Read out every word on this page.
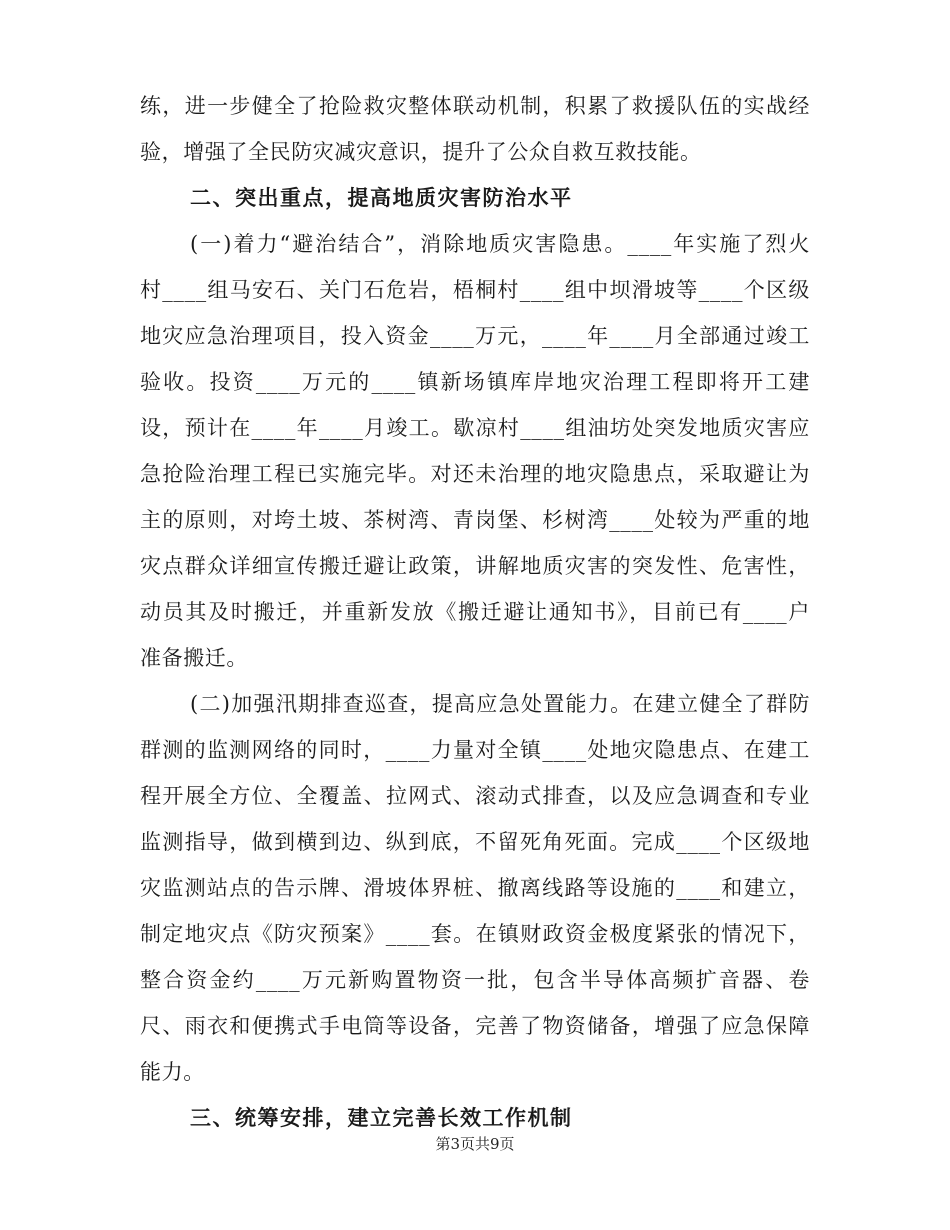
练，进一步健全了抢险救灾整体联动机制，积累了救援队伍的实战经
验，增强了全民防灾减灾意识，提升了公众自救互救技能。
二、突出重点，提高地质灾害防治水平
(一)着力“避治结合”，消除地质灾害隐患。____年实施了烈火
村____组马安石、关门石危岩，梧桐村____组中坝滑坡等____个区级
地灾应急治理项目，投入资金____万元，____年____月全部通过竣工
验收。投资____万元的____镇新场镇库岸地灾治理工程即将开工建
设，预计在____年____月竣工。歇凉村____组油坊处突发地质灾害应
急抢险治理工程已实施完毕。对还未治理的地灾隐患点，采取避让为
主的原则，对垮土坡、茶树湾、青岗堡、杉树湾____处较为严重的地
灾点群众详细宣传搬迁避让政策，讲解地质灾害的突发性、危害性，
动员其及时搬迁，并重新发放《搬迁避让通知书》，目前已有____户
准备搬迁。
(二)加强汛期排查巡查，提高应急处置能力。在建立健全了群防
群测的监测网络的同时，____力量对全镇____处地灾隐患点、在建工
程开展全方位、全覆盖、拉网式、滚动式排查，以及应急调查和专业
监测指导，做到横到边、纵到底，不留死角死面。完成____个区级地
灾监测站点的告示牌、滑坡体界桩、撤离线路等设施的____和建立，
制定地灾点《防灾预案》____套。在镇财政资金极度紧张的情况下，
整合资金约____万元新购置物资一批，包含半导体高频扩音器、卷
尺、雨衣和便携式手电筒等设备，完善了物资储备，增强了应急保障
能力。
第3页共9页
三、统筹安排，建立完善长效工作机制
